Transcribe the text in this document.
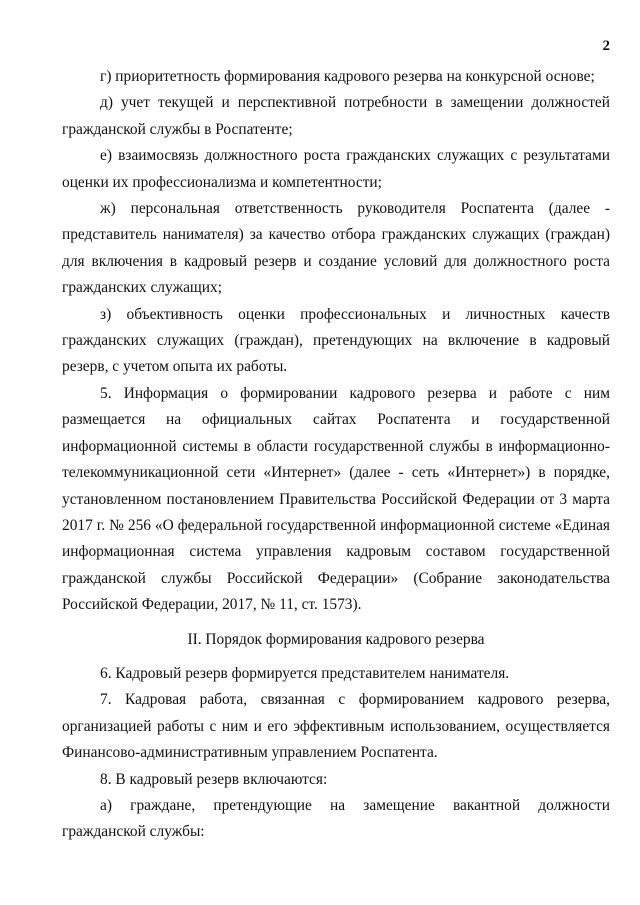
2

г) приоритетность формирования кадрового резерва на конкурсной основе;

д) учет текущей и перспективной потребности в замещении должностей гражданской службы в Роспатенте;

е) взаимосвязь должностного роста гражданских служащих с результатами оценки их профессионализма и компетентности;

ж) персональная ответственность руководителя Роспатента (далее - представитель нанимателя) за качество отбора гражданских служащих (граждан) для включения в кадровый резерв и создание условий для должностного роста гражданских служащих;

з) объективность оценки профессиональных и личностных качеств гражданских служащих (граждан), претендующих на включение в кадровый резерв, с учетом опыта их работы.

5. Информация о формировании кадрового резерва и работе с ним размещается на официальных сайтах Роспатента и государственной информационной системы в области государственной службы в информационно-телекоммуникационной сети «Интернет» (далее - сеть «Интернет») в порядке, установленном постановлением Правительства Российской Федерации от 3 марта 2017 г. № 256 «О федеральной государственной информационной системе «Единая информационная система управления кадровым составом государственной гражданской службы Российской Федерации» (Собрание законодательства Российской Федерации, 2017, № 11, ст. 1573).

II. Порядок формирования кадрового резерва

6. Кадровый резерв формируется представителем нанимателя.

7. Кадровая работа, связанная с формированием кадрового резерва, организацией работы с ним и его эффективным использованием, осуществляется Финансово-административным управлением Роспатента.

8. В кадровый резерв включаются:

а) граждане, претендующие на замещение вакантной должности гражданской службы:
